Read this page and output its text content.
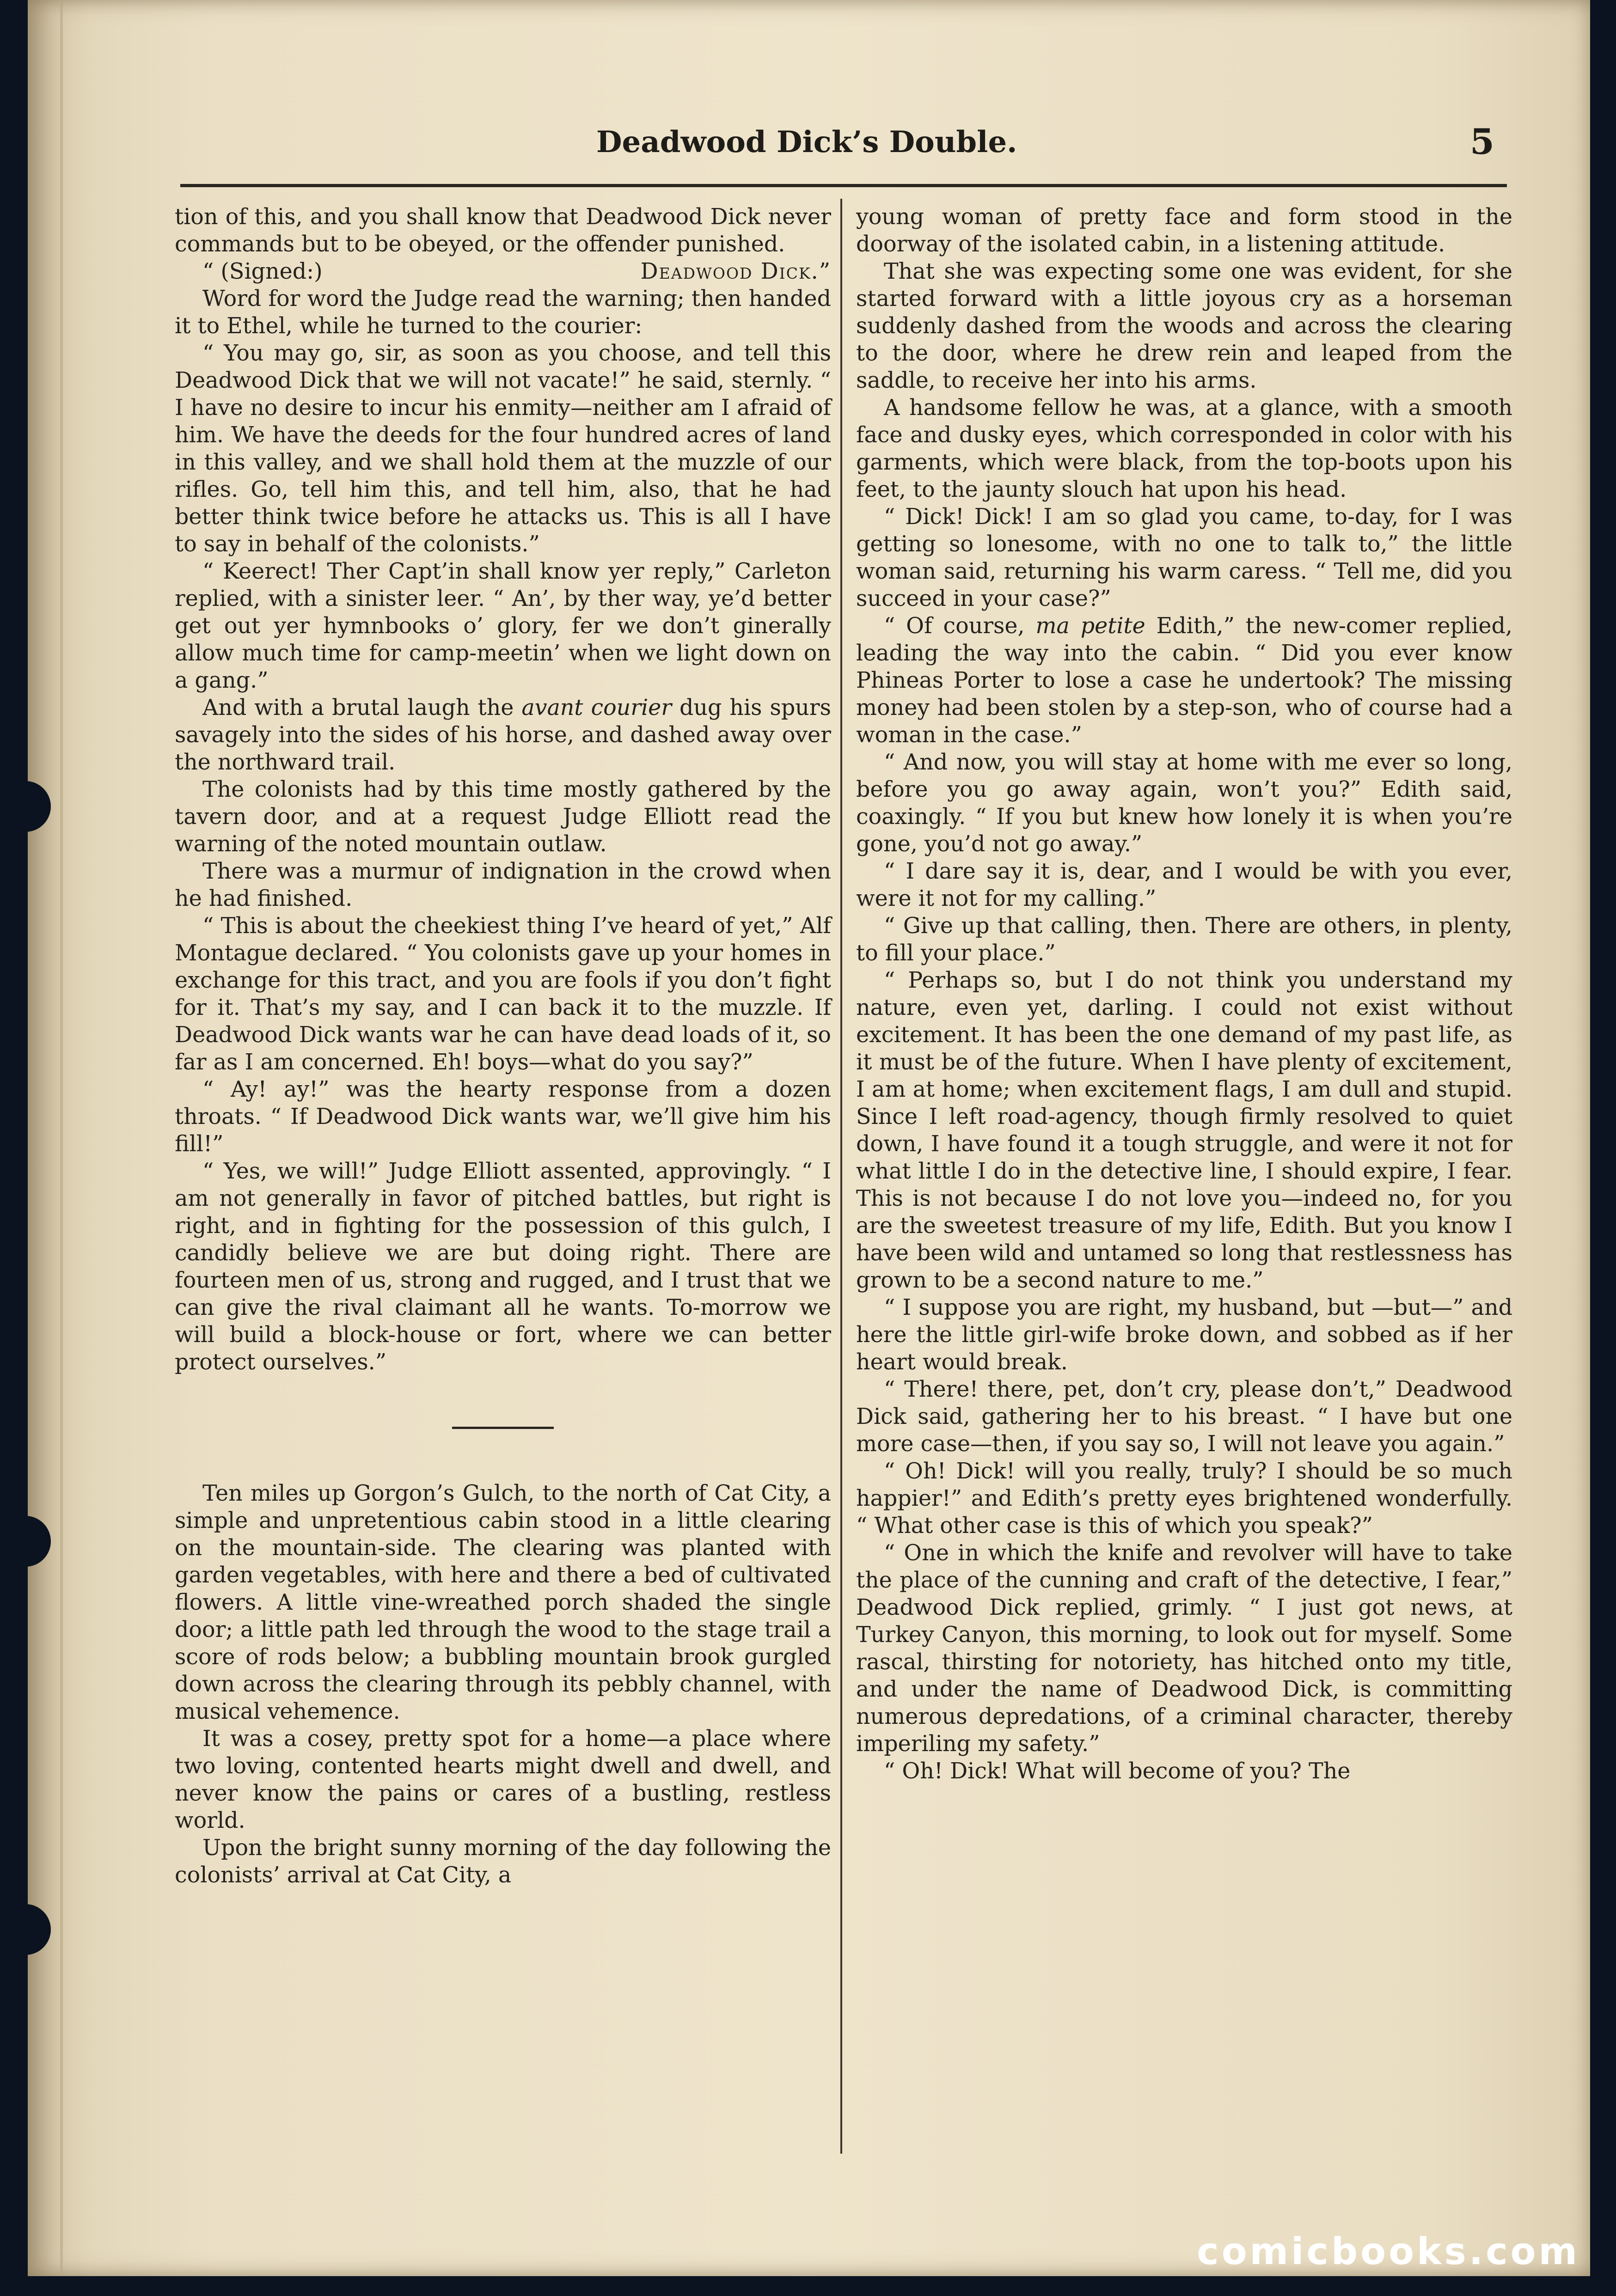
Deadwood Dick’s Double.	5

tion of this, and you shall know that Deadwood Dick never commands but to be obeyed, or the offender punished.

“ (Signed:)	Deadwood Dick.”

Word for word the Judge read the warning; then handed it to Ethel, while he turned to the courier:

“ You may go, sir, as soon as you choose, and tell this Deadwood Dick that we will not vacate!” he said, sternly. “ I have no desire to incur his enmity—neither am I afraid of him. We have the deeds for the four hundred acres of land in this valley, and we shall hold them at the muzzle of our rifles. Go, tell him this, and tell him, also, that he had better think twice before he attacks us. This is all I have to say in behalf of the colonists.”

“ Keerect! Ther Capt’in shall know yer reply,” Carleton replied, with a sinister leer. “ An’, by ther way, ye’d better get out yer hymnbooks o’ glory, fer we don’t ginerally allow much time for camp-meetin’ when we light down on a gang.”

And with a brutal laugh the avant courier dug his spurs savagely into the sides of his horse, and dashed away over the northward trail.

The colonists had by this time mostly gathered by the tavern door, and at a request Judge Elliott read the warning of the noted mountain outlaw.

There was a murmur of indignation in the crowd when he had finished.

“ This is about the cheekiest thing I’ve heard of yet,” Alf Montague declared. “ You colonists gave up your homes in exchange for this tract, and you are fools if you don’t fight for it. That’s my say, and I can back it to the muzzle. If Deadwood Dick wants war he can have dead loads of it, so far as I am concerned. Eh! boys—what do you say?”

“ Ay! ay!” was the hearty response from a dozen throats. “ If Deadwood Dick wants war, we’ll give him his fill!”

“ Yes, we will!” Judge Elliott assented, approvingly. “ I am not generally in favor of pitched battles, but right is right, and in fighting for the possession of this gulch, I candidly believe we are but doing right. There are fourteen men of us, strong and rugged, and I trust that we can give the rival claimant all he wants. To-morrow we will build a block-house or fort, where we can better protect ourselves.”

Ten miles up Gorgon’s Gulch, to the north of Cat City, a simple and unpretentious cabin stood in a little clearing on the mountain-side. The clearing was planted with garden vegetables, with here and there a bed of cultivated flowers. A little vine-wreathed porch shaded the single door; a little path led through the wood to the stage trail a score of rods below; a bubbling mountain brook gurgled down across the clearing through its pebbly channel, with musical vehemence.

It was a cosey, pretty spot for a home—a place where two loving, contented hearts might dwell and dwell, and never know the pains or cares of a bustling, restless world.

Upon the bright sunny morning of the day following the colonists’ arrival at Cat City, a

young woman of pretty face and form stood in the doorway of the isolated cabin, in a listening attitude.

That she was expecting some one was evident, for she started forward with a little joyous cry as a horseman suddenly dashed from the woods and across the clearing to the door, where he drew rein and leaped from the saddle, to receive her into his arms.

A handsome fellow he was, at a glance, with a smooth face and dusky eyes, which corresponded in color with his garments, which were black, from the top-boots upon his feet, to the jaunty slouch hat upon his head.

“ Dick! Dick! I am so glad you came, to-day, for I was getting so lonesome, with no one to talk to,” the little woman said, returning his warm caress. “ Tell me, did you succeed in your case?”

“ Of course, ma petite Edith,” the new-comer replied, leading the way into the cabin. “ Did you ever know Phineas Porter to lose a case he undertook? The missing money had been stolen by a step-son, who of course had a woman in the case.”

“ And now, you will stay at home with me ever so long, before you go away again, won’t you?” Edith said, coaxingly. “ If you but knew how lonely it is when you’re gone, you’d not go away.”

“ I dare say it is, dear, and I would be with you ever, were it not for my calling.”

“ Give up that calling, then. There are others, in plenty, to fill your place.”

“ Perhaps so, but I do not think you understand my nature, even yet, darling. I could not exist without excitement. It has been the one demand of my past life, as it must be of the future. When I have plenty of excitement, I am at home; when excitement flags, I am dull and stupid. Since I left road-agency, though firmly resolved to quiet down, I have found it a tough struggle, and were it not for what little I do in the detective line, I should expire, I fear. This is not because I do not love you—indeed no, for you are the sweetest treasure of my life, Edith. But you know I have been wild and untamed so long that restlessness has grown to be a second nature to me.”

“ I suppose you are right, my husband, but —but—” and here the little girl-wife broke down, and sobbed as if her heart would break.

“ There! there, pet, don’t cry, please don’t,” Deadwood Dick said, gathering her to his breast. “ I have but one more case—then, if you say so, I will not leave you again.”

“ Oh! Dick! will you really, truly? I should be so much happier!” and Edith’s pretty eyes brightened wonderfully. “ What other case is this of which you speak?”

“ One in which the knife and revolver will have to take the place of the cunning and craft of the detective, I fear,” Deadwood Dick replied, grimly. “ I just got news, at Turkey Canyon, this morning, to look out for myself. Some rascal, thirsting for notoriety, has hitched onto my title, and under the name of Deadwood Dick, is committing numerous depredations, of a criminal character, thereby imperiling my safety.”

“ Oh! Dick! What will become of you? The

comicbooks.com
